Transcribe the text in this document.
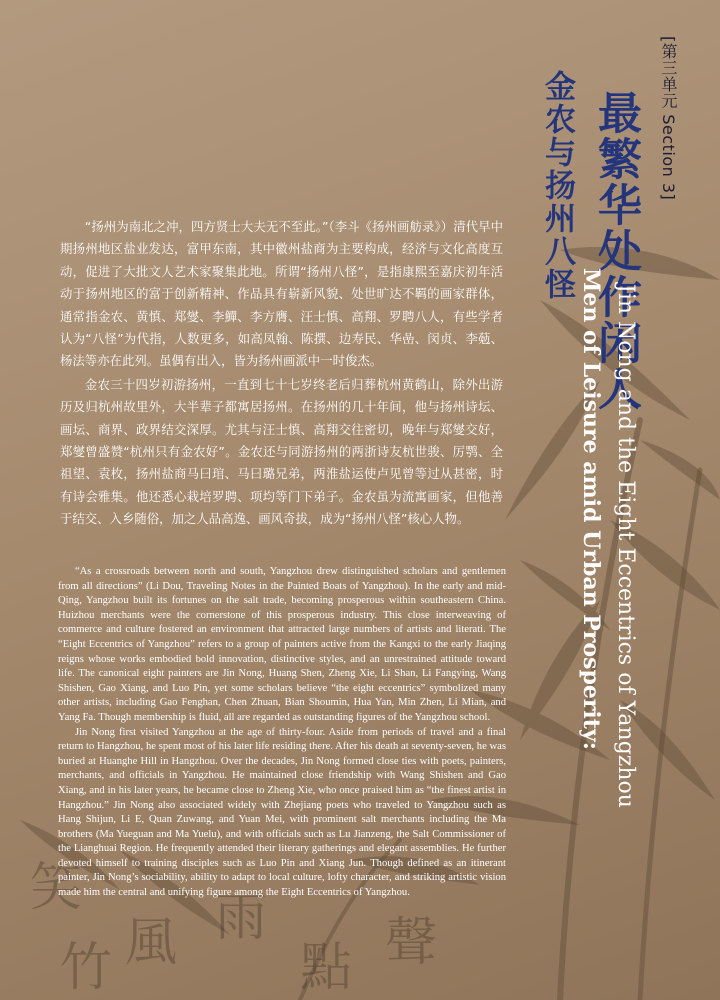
笑
風 雨
點 聲
竹
[第三单元 Section 3]
最繁华处作闲人
金农与扬州八怪
Men of Leisure amid Urban Prosperity: Jin Nong and the Eight Eccentrics of Yangzhou

“扬州为南北之冲，四方贤士大夫无不至此。”（李斗《扬州画舫录》）清代早中期扬州地区盐业发达，富甲东南，其中徽州盐商为主要构成，经济与文化高度互动，促进了大批文人艺术家聚集此地。所谓“扬州八怪”，是指康熙至嘉庆初年活动于扬州地区的富于创新精神、作品具有崭新风貌、处世旷达不羁的画家群体，通常指金农、黄慎、郑燮、李鱓、李方膺、汪士慎、高翔、罗聘八人，有些学者认为“八怪”为代指，人数更多，如高凤翰、陈撰、边寿民、华嵒、闵贞、李葂、杨法等亦在此列。虽偶有出入，皆为扬州画派中一时俊杰。

金农三十四岁初游扬州，一直到七十七岁终老后归葬杭州黄鹤山，除外出游历及归杭州故里外，大半辈子都寓居扬州。在扬州的几十年间，他与扬州诗坛、画坛、商界、政界结交深厚。尤其与汪士慎、高翔交往密切，晚年与郑燮交好，郑燮曾盛赞“杭州只有金农好”。金农还与同游扬州的两浙诗友杭世骏、厉鹗、全祖望、袁枚，扬州盐商马曰琯、马曰璐兄弟，两淮盐运使卢见曾等过从甚密，时有诗会雅集。他还悉心栽培罗聘、项均等门下弟子。金农虽为流寓画家，但他善于结交、入乡随俗，加之人品高逸、画风奇拔，成为“扬州八怪”核心人物。

“As a crossroads between north and south, Yangzhou drew distinguished scholars and gentlemen from all directions” (Li Dou, Traveling Notes in the Painted Boats of Yangzhou). In the early and mid-Qing, Yangzhou built its fortunes on the salt trade, becoming prosperous within southeastern China. Huizhou merchants were the cornerstone of this prosperous industry. This close interweaving of commerce and culture fostered an environment that attracted large numbers of artists and literati. The “Eight Eccentrics of Yangzhou” refers to a group of painters active from the Kangxi to the early Jiaqing reigns whose works embodied bold innovation, distinctive styles, and an unrestrained attitude toward life. The canonical eight painters are Jin Nong, Huang Shen, Zheng Xie, Li Shan, Li Fangying, Wang Shishen, Gao Xiang, and Luo Pin, yet some scholars believe “the eight eccentrics” symbolized many other artists, including Gao Fenghan, Chen Zhuan, Bian Shoumin, Hua Yan, Min Zhen, Li Mian, and Yang Fa. Though membership is fluid, all are regarded as outstanding figures of the Yangzhou school.

Jin Nong first visited Yangzhou at the age of thirty-four. Aside from periods of travel and a final return to Hangzhou, he spent most of his later life residing there. After his death at seventy-seven, he was buried at Huanghe Hill in Hangzhou. Over the decades, Jin Nong formed close ties with poets, painters, merchants, and officials in Yangzhou. He maintained close friendship with Wang Shishen and Gao Xiang, and in his later years, he became close to Zheng Xie, who once praised him as “the finest artist in Hangzhou.” Jin Nong also associated widely with Zhejiang poets who traveled to Yangzhou such as Hang Shijun, Li E, Quan Zuwang, and Yuan Mei, with prominent salt merchants including the Ma brothers (Ma Yueguan and Ma Yuelu), and with officials such as Lu Jianzeng, the Salt Commissioner of the Lianghuai Region. He frequently attended their literary gatherings and elegant assemblies. He further devoted himself to training disciples such as Luo Pin and Xiang Jun. Though defined as an itinerant painter, Jin Nong’s sociability, ability to adapt to local culture, lofty character, and striking artistic vision made him the central and unifying figure among the Eight Eccentrics of Yangzhou.
